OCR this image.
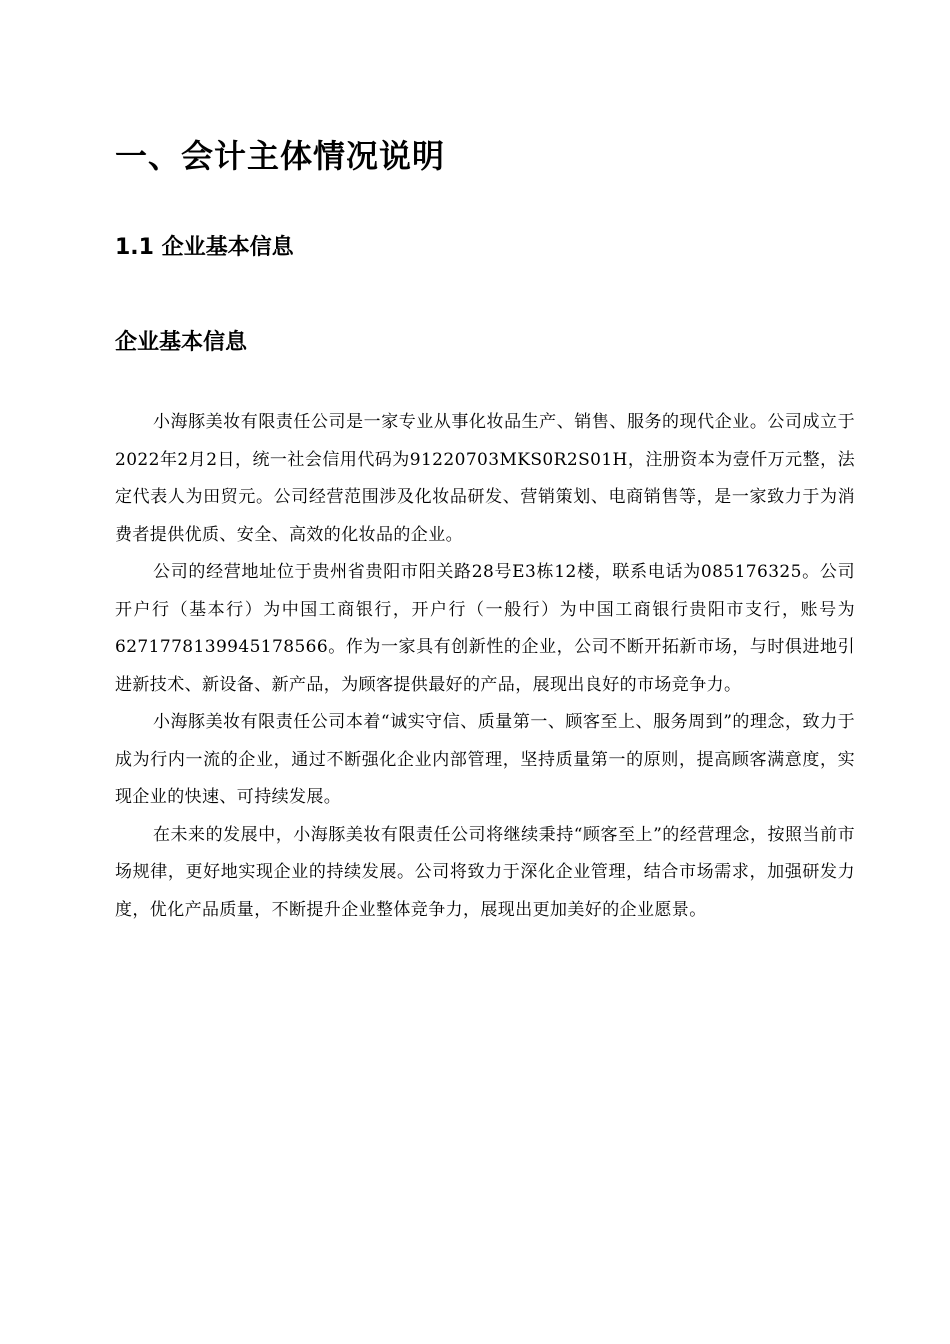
一、会计主体情况说明
1.1 企业基本信息
企业基本信息

小海豚美妆有限责任公司是一家专业从事化妆品生产、销售、服务的现代企业。公司成立于2022年2月2日，统一社会信用代码为91220703MKS0R2S01H，注册资本为壹仟万元整，法定代表人为田贸元。公司经营范围涉及化妆品研发、营销策划、电商销售等，是一家致力于为消费者提供优质、安全、高效的化妆品的企业。

公司的经营地址位于贵州省贵阳市阳关路28号E3栋12楼，联系电话为085176325。公司开户行（基本行）为中国工商银行，开户行（一般行）为中国工商银行贵阳市支行，账号为6271778139945178566。作为一家具有创新性的企业，公司不断开拓新市场，与时俱进地引进新技术、新设备、新产品，为顾客提供最好的产品，展现出良好的市场竞争力。

小海豚美妆有限责任公司本着“诚实守信、质量第一、顾客至上、服务周到”的理念，致力于成为行内一流的企业，通过不断强化企业内部管理，坚持质量第一的原则，提高顾客满意度，实现企业的快速、可持续发展。

在未来的发展中，小海豚美妆有限责任公司将继续秉持“顾客至上”的经营理念，按照当前市场规律，更好地实现企业的持续发展。公司将致力于深化企业管理，结合市场需求，加强研发力度，优化产品质量，不断提升企业整体竞争力，展现出更加美好的企业愿景。
